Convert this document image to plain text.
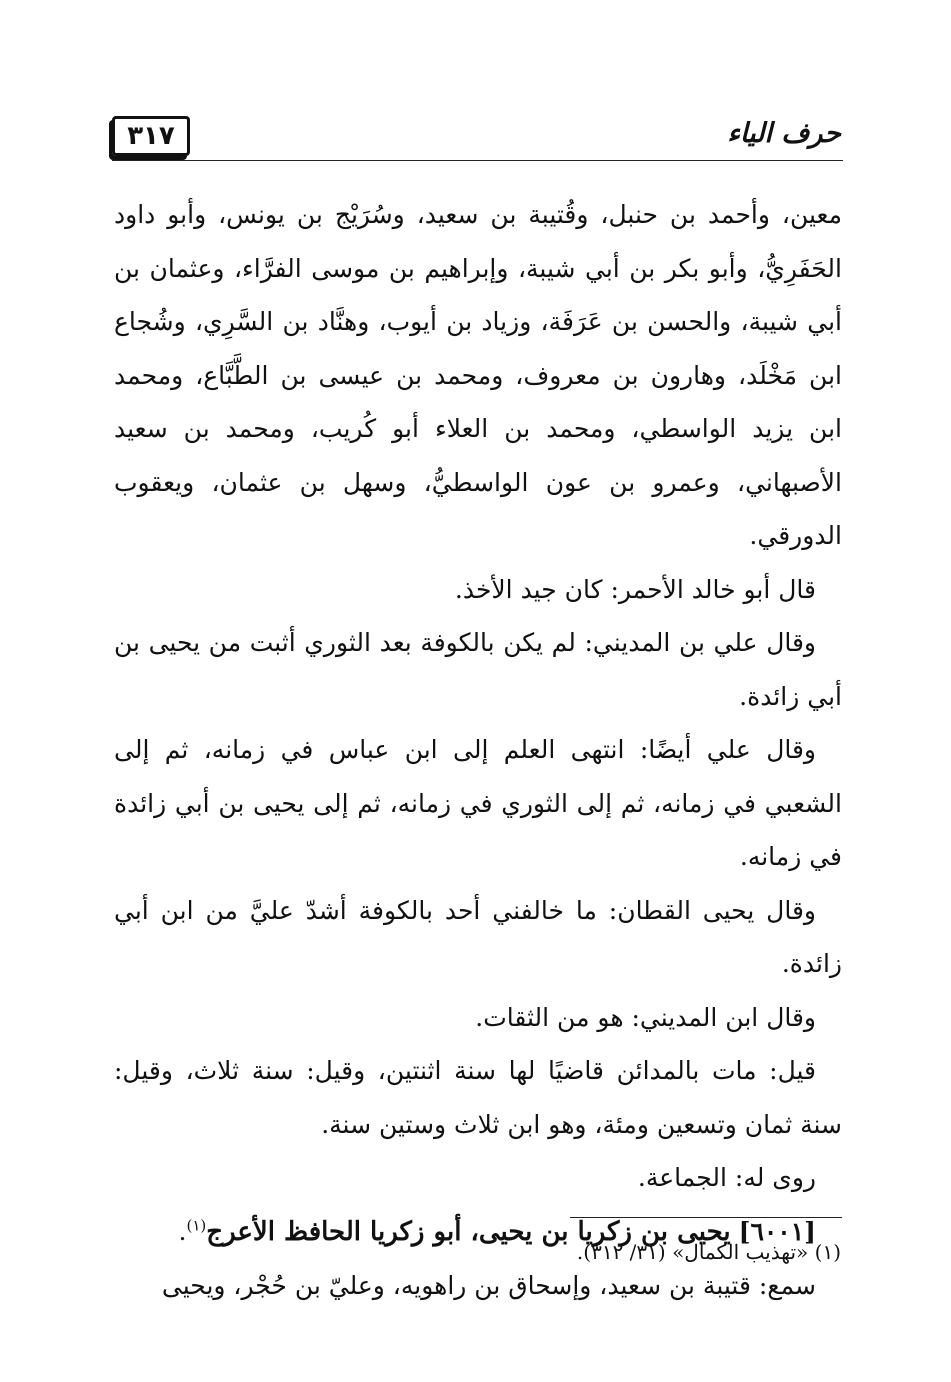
٣١٧	حرف الياء

معين، وأحمد بن حنبل، وقُتيبة بن سعيد، وسُرَيْج بن يونس، وأبو داود الحَفَرِيُّ، وأبو بكر بن أبي شيبة، وإبراهيم بن موسى الفرَّاء، وعثمان بن أبي شيبة، والحسن بن عَرَفَة، وزياد بن أيوب، وهنَّاد بن السَّرِي، وشُجاع ابن مَخْلَد، وهارون بن معروف، ومحمد بن عيسى بن الطَّبَّاع، ومحمد ابن يزيد الواسطي، ومحمد بن العلاء أبو كُريب، ومحمد بن سعيد الأصبهاني، وعمرو بن عون الواسطيُّ، وسهل بن عثمان، ويعقوب الدورقي.

قال أبو خالد الأحمر: كان جيد الأخذ.

وقال علي بن المديني: لم يكن بالكوفة بعد الثوري أثبت من يحيى بن أبي زائدة.

وقال علي أيضًا: انتهى العلم إلى ابن عباس في زمانه، ثم إلى الشعبي في زمانه، ثم إلى الثوري في زمانه، ثم إلى يحيى بن أبي زائدة في زمانه.

وقال يحيى القطان: ما خالفني أحد بالكوفة أشدّ عليَّ من ابن أبي زائدة.

وقال ابن المديني: هو من الثقات.

قيل: مات بالمدائن قاضيًا لها سنة اثنتين، وقيل: سنة ثلاث، وقيل: سنة ثمان وتسعين ومئة، وهو ابن ثلاث وستين سنة.

روى له: الجماعة.

[٦٠٠١] يحيى بن زكريا بن يحيى، أبو زكريا الحافظ الأعرج$^{(١)}$.

سمع: قتيبة بن سعيد، وإسحاق بن راهويه، وعليّ بن حُجْر، ويحيى

(١) «تهذيب الكمال» (٣١/ ٣١٢).
